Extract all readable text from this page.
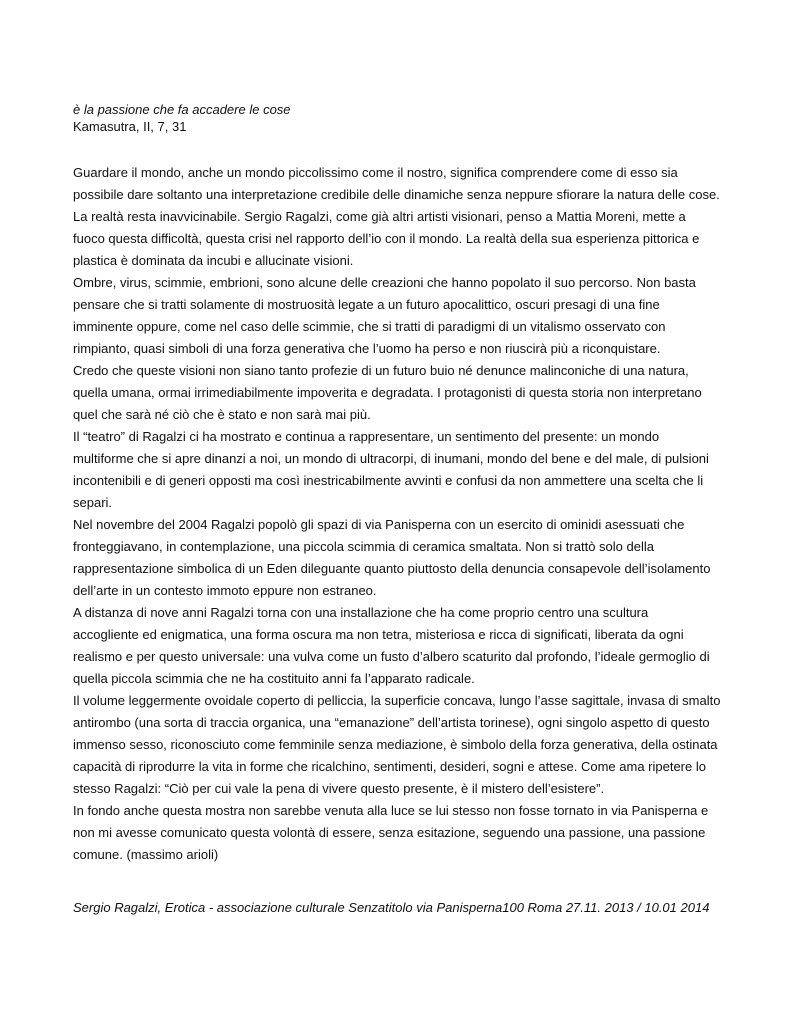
è la passione che fa accadere le cose
Kamasutra, II, 7, 31
Guardare il mondo, anche un mondo piccolissimo come il nostro, significa comprendere come di esso sia
possibile dare soltanto una interpretazione credibile delle dinamiche senza neppure sfiorare la natura delle cose.
La realtà resta inavvicinabile. Sergio Ragalzi, come già altri artisti visionari, penso a Mattia Moreni, mette a
fuoco questa difficoltà, questa crisi nel rapporto dell’io con il mondo. La realtà della sua esperienza pittorica e
plastica è dominata da incubi e allucinate visioni.
Ombre, virus, scimmie, embrioni, sono alcune delle creazioni che hanno popolato il suo percorso. Non basta
pensare che si tratti solamente di mostruosità legate a un futuro apocalittico, oscuri presagi di una fine
imminente oppure, come nel caso delle scimmie, che si tratti di paradigmi di un vitalismo osservato con
rimpianto, quasi simboli di una forza generativa che l’uomo ha perso e non riuscirà più a riconquistare.
Credo che queste visioni non siano tanto profezie di un futuro buio né denunce malinconiche di una natura,
quella umana, ormai irrimediabilmente impoverita e degradata. I protagonisti di questa storia non interpretano
quel che sarà né ciò che è stato e non sarà mai più.
Il “teatro” di Ragalzi ci ha mostrato e continua a rappresentare, un sentimento del presente: un mondo
multiforme che si apre dinanzi a noi, un mondo di ultracorpi, di inumani, mondo del bene e del male, di pulsioni
incontenibili e di generi opposti ma così inestricabilmente avvinti e confusi da non ammettere una scelta che li
separi.
Nel novembre del 2004 Ragalzi popolò gli spazi di via Panisperna con un esercito di ominidi asessuati che
fronteggiavano, in contemplazione, una piccola scimmia di ceramica smaltata. Non si trattò solo della
rappresentazione simbolica di un Eden dileguante quanto piuttosto della denuncia consapevole dell’isolamento
dell’arte in un contesto immoto eppure non estraneo.
A distanza di nove anni Ragalzi torna con una installazione che ha come proprio centro una scultura
accogliente ed enigmatica, una forma oscura ma non tetra, misteriosa e ricca di significati, liberata da ogni
realismo e per questo universale: una vulva come un fusto d’albero scaturito dal profondo, l’ideale germoglio di
quella piccola scimmia che ne ha costituito anni fa l’apparato radicale.
Il volume leggermente ovoidale coperto di pelliccia, la superficie concava, lungo l’asse sagittale, invasa di smalto
antirombo (una sorta di traccia organica, una “emanazione” dell’artista torinese), ogni singolo aspetto di questo
immenso sesso, riconosciuto come femminile senza mediazione, è simbolo della forza generativa, della ostinata
capacità di riprodurre la vita in forme che ricalchino, sentimenti, desideri, sogni e attese. Come ama ripetere lo
stesso Ragalzi: “Ciò per cui vale la pena di vivere questo presente, è il mistero dell’esistere”.
In fondo anche questa mostra non sarebbe venuta alla luce se lui stesso non fosse tornato in via Panisperna e
non mi avesse comunicato questa volontà di essere, senza esitazione, seguendo una passione, una passione
comune. (massimo arioli)
Sergio Ragalzi, Erotica - associazione culturale Senzatitolo via Panisperna100 Roma 27.11. 2013 / 10.01 2014
